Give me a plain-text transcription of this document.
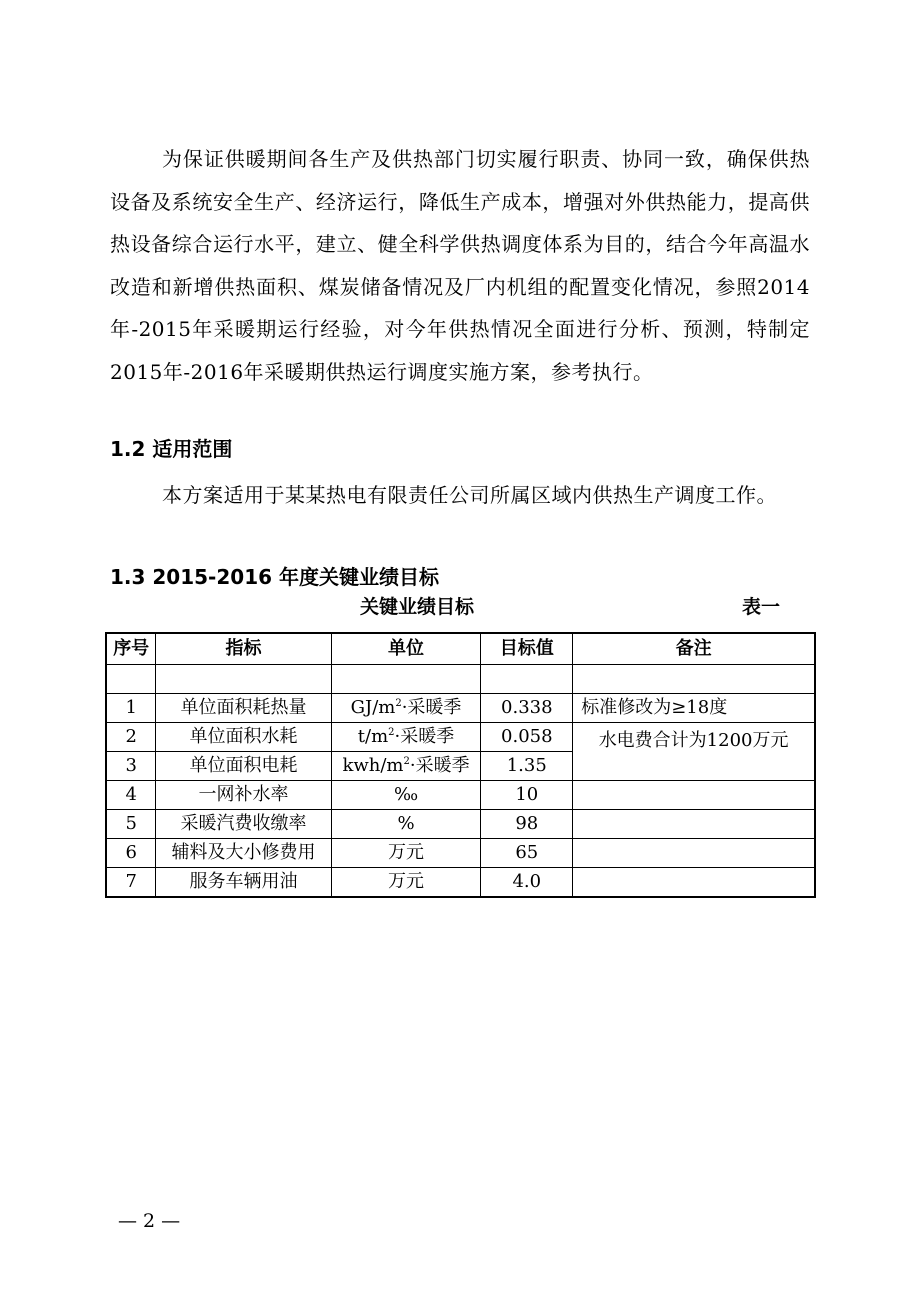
为保证供暖期间各生产及供热部门切实履行职责、协同一致，确保供热设备及系统安全生产、经济运行，降低生产成本，增强对外供热能力，提高供热设备综合运行水平，建立、健全科学供热调度体系为目的，结合今年高温水改造和新增供热面积、煤炭储备情况及厂内机组的配置变化情况，参照2014年-2015年采暖期运行经验，对今年供热情况全面进行分析、预测，特制定2015年-2016年采暖期供热运行调度实施方案，参考执行。

1.2 适用范围

本方案适用于某某热电有限责任公司所属区域内供热生产调度工作。

1.3 2015-2016 年度关键业绩目标

关键业绩目标	表一
序号	指标	单位	目标值	备注

1	单位面积耗热量	$GJ/m^2\cdot$采暖季	0.338	标准修改为≥18度
2	单位面积水耗	$t/m^2\cdot$采暖季	0.058	水电费合计为1200万元
3	单位面积电耗	kwh/$m^2\cdot$采暖季	1.35	
4	一网补水率	‰	10	
5	采暖汽费收缴率	%	98	
6	辅料及大小修费用	万元	65	
7	服务车辆用油	万元	4.0	
— 2 —
